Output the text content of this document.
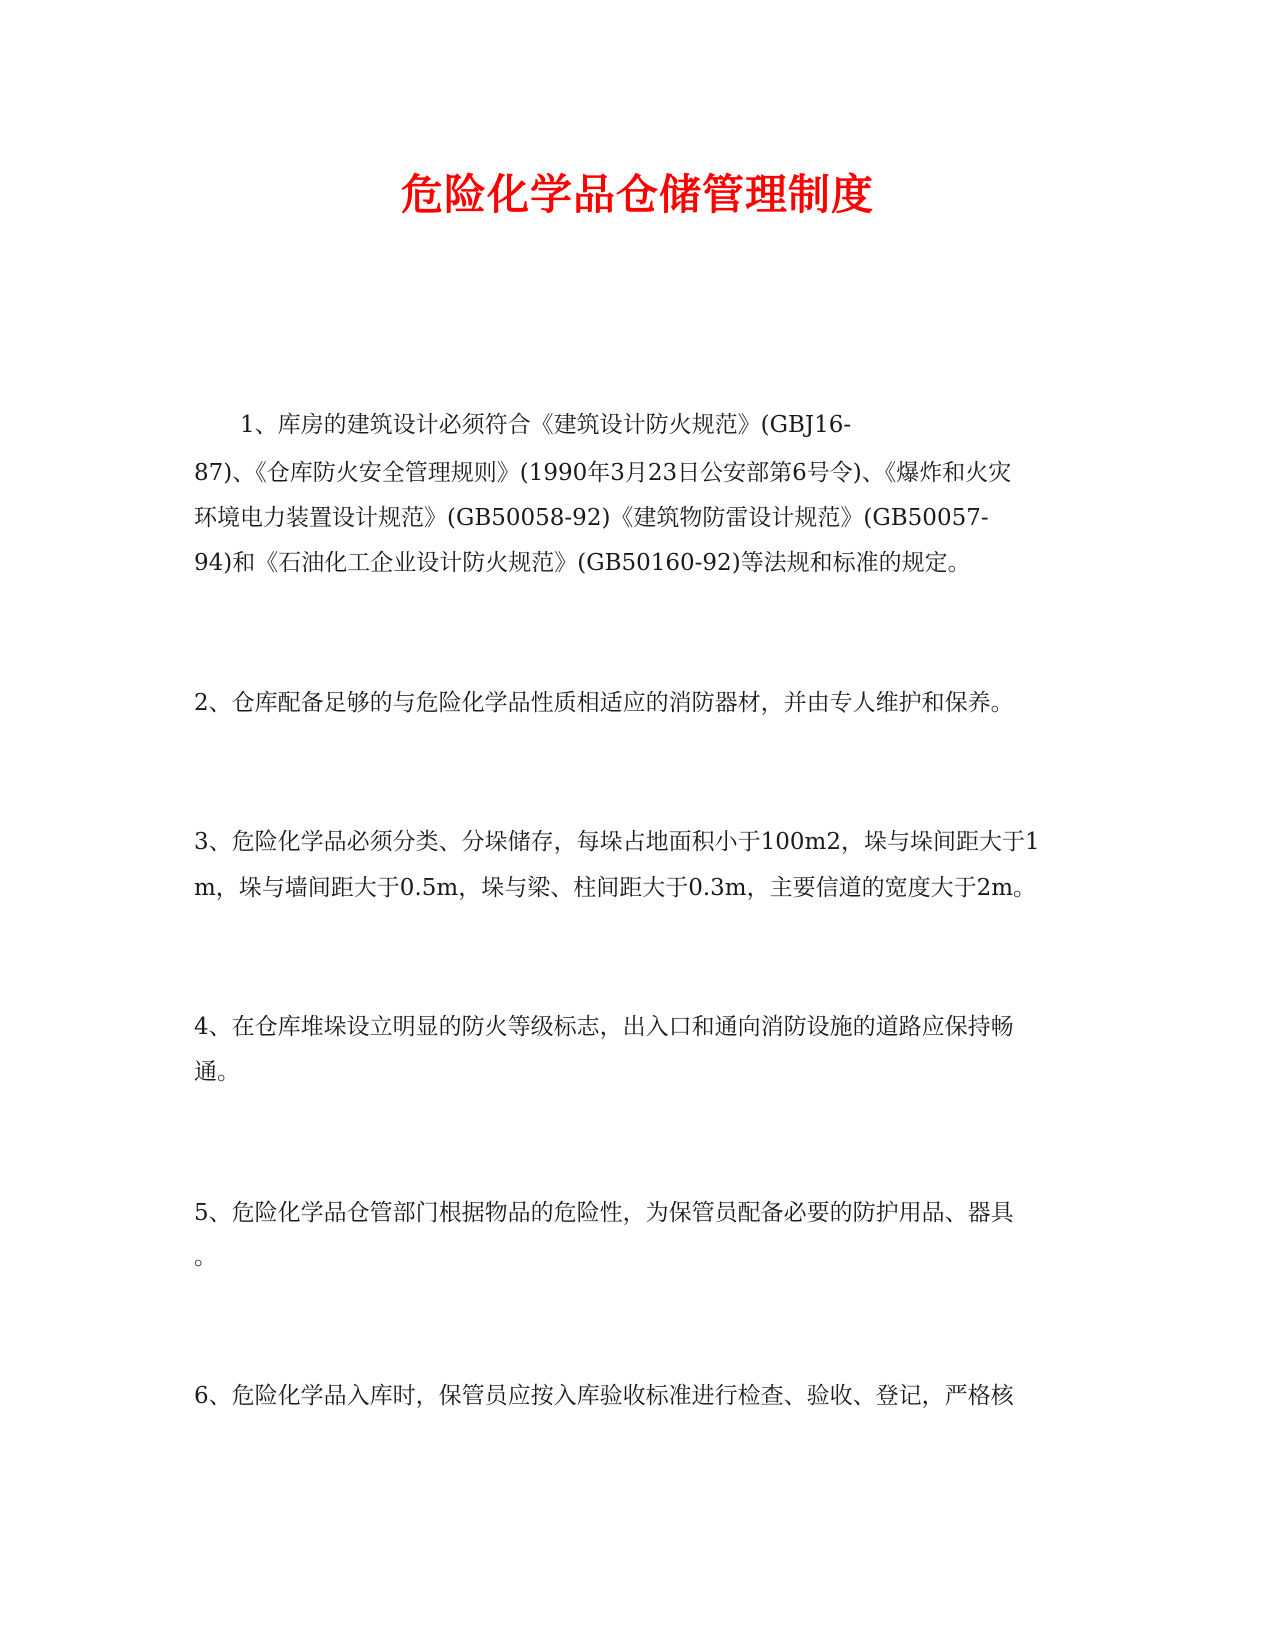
危险化学品仓储管理制度
1、库房的建筑设计必须符合《建筑设计防火规范》(GBJ16-
87)、《仓库防火安全管理规则》(1990年3月23日公安部第6号令)、《爆炸和火灾
环境电力装置设计规范》(GB50058-92)《建筑物防雷设计规范》(GB50057-
94)和《石油化工企业设计防火规范》(GB50160-92)等法规和标准的规定。
2、仓库配备足够的与危险化学品性质相适应的消防器材，并由专人维护和保养。
3、危险化学品必须分类、分垛储存，每垛占地面积小于100m2，垛与垛间距大于1
m，垛与墙间距大于0.5m，垛与梁、柱间距大于0.3m，主要信道的宽度大于2m。
4、在仓库堆垛设立明显的防火等级标志，出入口和通向消防设施的道路应保持畅
通。
5、危险化学品仓管部门根据物品的危险性，为保管员配备必要的防护用品、器具
。
6、危险化学品入库时，保管员应按入库验收标准进行检查、验收、登记，严格核
